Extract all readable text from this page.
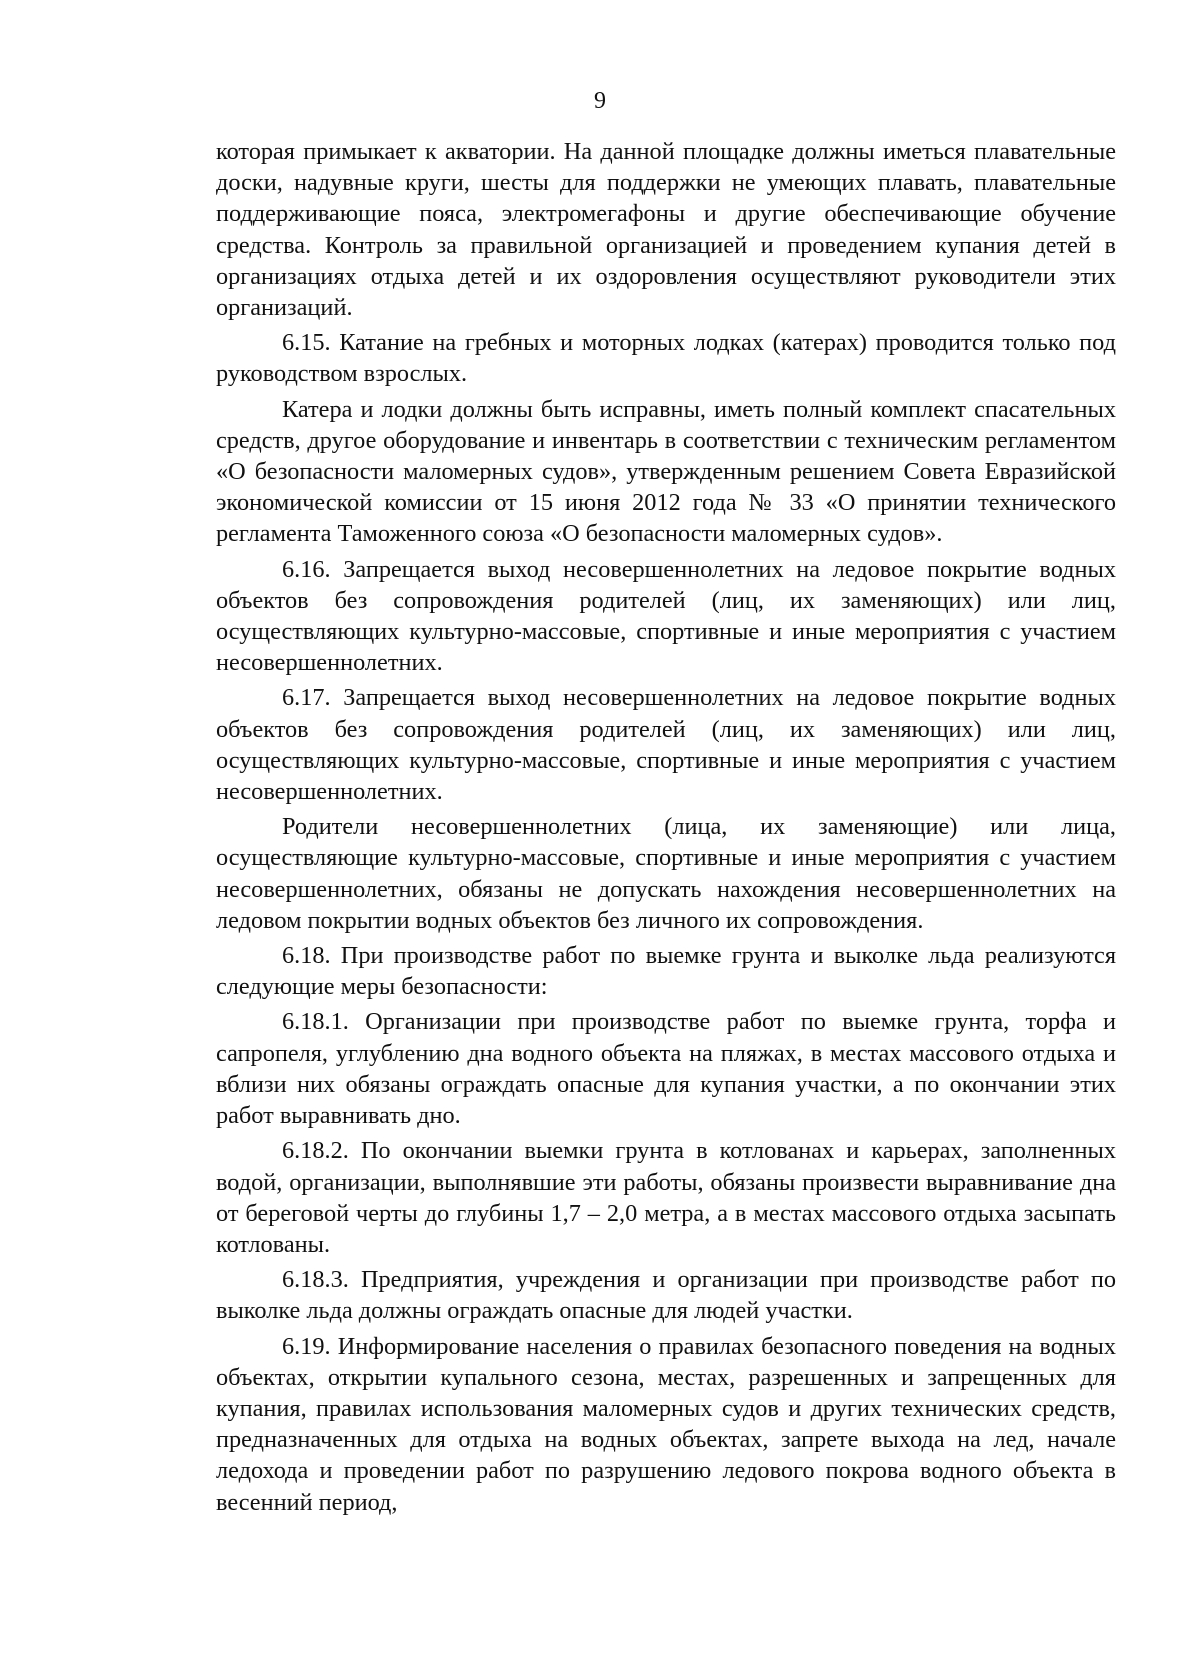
9

которая примыкает к акватории. На данной площадке должны иметься плавательные доски, надувные круги, шесты для поддержки не умеющих плавать, плавательные поддерживающие пояса, электромегафоны и другие обеспечивающие обучение средства. Контроль за правильной организацией и проведением купания детей в организациях отдыха детей и их оздоровления осуществляют руководители этих организаций.

6.15. Катание на гребных и моторных лодках (катерах) проводится только под руководством взрослых.

Катера и лодки должны быть исправны, иметь полный комплект спасательных средств, другое оборудование и инвентарь в соответствии с техническим регламентом «О безопасности маломерных судов», утвержденным решением Совета Евразийской экономической комиссии от 15 июня 2012 года № 33 «О принятии технического регламента Таможенного союза «О безопасности маломерных судов».

6.16. Запрещается выход несовершеннолетних на ледовое покрытие водных объектов без сопровождения родителей (лиц, их заменяющих) или лиц, осуществляющих культурно-массовые, спортивные и иные мероприятия с участием несовершеннолетних.

6.17. Запрещается выход несовершеннолетних на ледовое покрытие водных объектов без сопровождения родителей (лиц, их заменяющих) или лиц, осуществляющих культурно-массовые, спортивные и иные мероприятия с участием несовершеннолетних.

Родители несовершеннолетних (лица, их заменяющие) или лица, осуществляющие культурно-массовые, спортивные и иные мероприятия с участием несовершеннолетних, обязаны не допускать нахождения несовершеннолетних на ледовом покрытии водных объектов без личного их сопровождения.

6.18. При производстве работ по выемке грунта и выколке льда реализуются следующие меры безопасности:

6.18.1. Организации при производстве работ по выемке грунта, торфа и сапропеля, углублению дна водного объекта на пляжах, в местах массового отдыха и вблизи них обязаны ограждать опасные для купания участки, а по окончании этих работ выравнивать дно.

6.18.2. По окончании выемки грунта в котлованах и карьерах, заполненных водой, организации, выполнявшие эти работы, обязаны произвести выравнивание дна от береговой черты до глубины 1,7 – 2,0 метра, а в местах массового отдыха засыпать котлованы.

6.18.3. Предприятия, учреждения и организации при производстве работ по выколке льда должны ограждать опасные для людей участки.

6.19. Информирование населения о правилах безопасного поведения на водных объектах, открытии купального сезона, местах, разрешенных и запрещенных для купания, правилах использования маломерных судов и других технических средств, предназначенных для отдыха на водных объектах, запрете выхода на лед, начале ледохода и проведении работ по разрушению ледового покрова водного объекта в весенний период,
